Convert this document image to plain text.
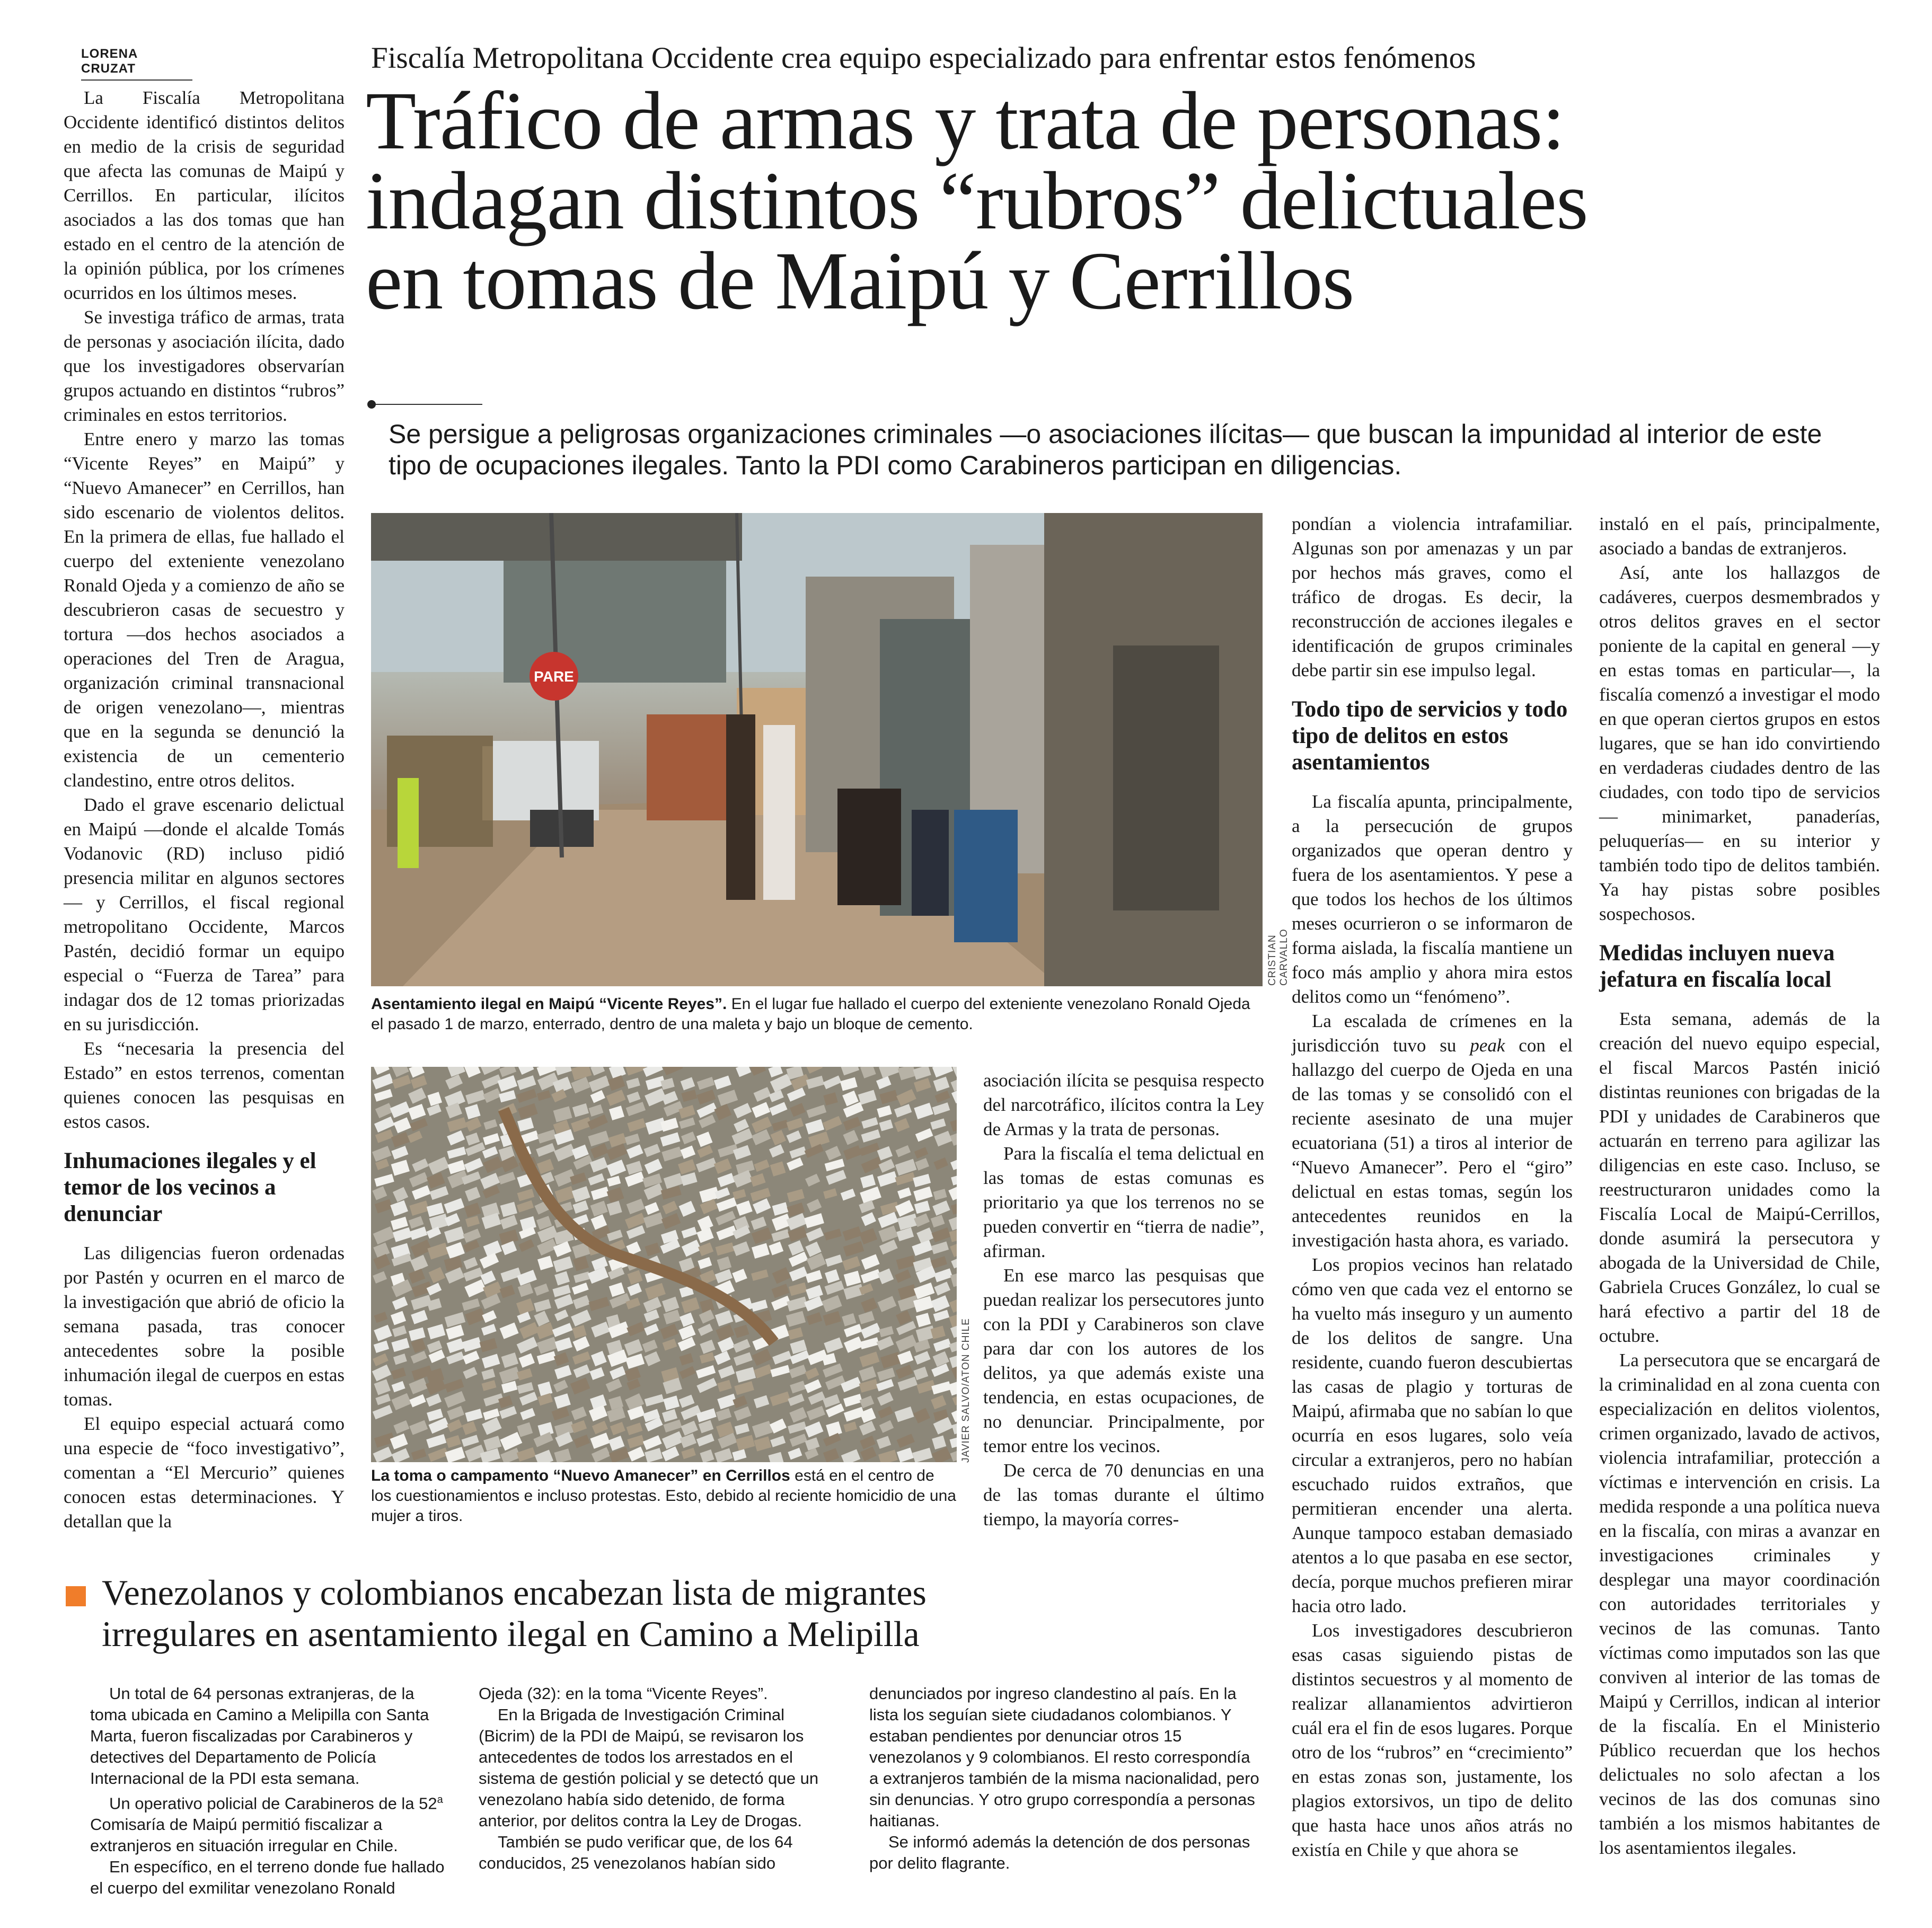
LORENA CRUZAT	Fiscalía Metropolitana Occidente crea equipo especializado para enfrentar estos fenómenos
Tráfico de armas y trata de personas:
indagan distintos “rubros” delictuales
en tomas de Maipú y Cerrillos
Se persigue a peligrosas organizaciones criminales —o asociaciones ilícitas— que buscan la impunidad al interior de este tipo de ocupaciones ilegales. Tanto la PDI como Carabineros participan en diligencias.

La Fiscalía Metropolitana Occidente identificó distintos delitos en medio de la crisis de seguridad que afecta las comunas de Maipú y Cerrillos. En particular, ilícitos asociados a las dos tomas que han estado en el centro de la atención de la opinión pública, por los crímenes ocurridos en los últimos meses.

Se investiga tráfico de armas, trata de personas y asociación ilícita, dado que los investigadores observarían grupos actuando en distintos “rubros” criminales en estos territorios.

Entre enero y marzo las tomas “Vicente Reyes” en Maipú” y “Nuevo Amanecer” en Cerrillos, han sido escenario de violentos delitos. En la primera de ellas, fue hallado el cuerpo del exteniente venezolano Ronald Ojeda y a comienzo de año se descubrieron casas de secuestro y tortura —dos hechos asociados a operaciones del Tren de Aragua, organización criminal transnacional de origen venezolano—, mientras que en la segunda se denunció la existencia de un cementerio clandestino, entre otros delitos.

Dado el grave escenario delictual en Maipú —donde el alcalde Tomás Vodanovic (RD) incluso pidió presencia militar en algunos sectores— y Cerrillos, el fiscal regional metropolitano Occidente, Marcos Pastén, decidió formar un equipo especial o “Fuerza de Tarea” para indagar dos de 12 tomas priorizadas en su jurisdicción.

Es “necesaria la presencia del Estado” en estos terrenos, comentan quienes conocen las pesquisas en estos casos.

Inhumaciones ilegales y el temor de los vecinos a denunciar

Las diligencias fueron ordenadas por Pastén y ocurren en el marco de la investigación que abrió de oficio la semana pasada, tras conocer antecedentes sobre la posible inhumación ilegal de cuerpos en estas tomas.

El equipo especial actuará como una especie de “foco investigativo”, comentan a “El Mercurio” quienes conocen estas determinaciones. Y detallan que la

PARE
CRISTIAN CARVALLO
Asentamiento ilegal en Maipú “Vicente Reyes”. En el lugar fue hallado el cuerpo del exteniente venezolano Ronald Ojeda el pasado 1 de marzo, enterrado, dentro de una maleta y bajo un bloque de cemento.
JAVIER SALVO/ATON CHILE
La toma o campamento “Nuevo Amanecer” en Cerrillos está en el centro de los cuestionamientos e incluso protestas. Esto, debido al reciente homicidio de una mujer a tiros.

asociación ilícita se pesquisa respecto del narcotráfico, ilícitos contra la Ley de Armas y la trata de personas.

Para la fiscalía el tema delictual en las tomas de estas comunas es prioritario ya que los terrenos no se pueden convertir en “tierra de nadie”, afirman.

En ese marco las pesquisas que puedan realizar los persecutores junto con la PDI y Carabineros son clave para dar con los autores de los delitos, ya que además existe una tendencia, en estas ocupaciones, de no denunciar. Principalmente, por temor entre los vecinos.

De cerca de 70 denuncias en una de las tomas durante el último tiempo, la mayoría corres-

pondían a violencia intrafamiliar. Algunas son por amenazas y un par por hechos más graves, como el tráfico de drogas. Es decir, la reconstrucción de acciones ilegales e identificación de grupos criminales debe partir sin ese impulso legal.

Todo tipo de servicios y todo tipo de delitos en estos asentamientos

La fiscalía apunta, principalmente, a la persecución de grupos organizados que operan dentro y fuera de los asentamientos. Y pese a que todos los hechos de los últimos meses ocurrieron o se informaron de forma aislada, la fiscalía mantiene un foco más amplio y ahora mira estos delitos como un “fenómeno”.

La escalada de crímenes en la jurisdicción tuvo su peak con el hallazgo del cuerpo de Ojeda en una de las tomas y se consolidó con el reciente asesinato de una mujer ecuatoriana (51) a tiros al interior de “Nuevo Amanecer”. Pero el “giro” delictual en estas tomas, según los antecedentes reunidos en la investigación hasta ahora, es variado.

Los propios vecinos han relatado cómo ven que cada vez el entorno se ha vuelto más inseguro y un aumento de los delitos de sangre. Una residente, cuando fueron descubiertas las casas de plagio y torturas de Maipú, afirmaba que no sabían lo que ocurría en esos lugares, solo veía circular a extranjeros, pero no habían escuchado ruidos extraños, que permitieran encender una alerta. Aunque tampoco estaban demasiado atentos a lo que pasaba en ese sector, decía, porque muchos prefieren mirar hacia otro lado.

Los investigadores descubrieron esas casas siguiendo pistas de distintos secuestros y al momento de realizar allanamientos advirtieron cuál era el fin de esos lugares. Porque otro de los “rubros” en “crecimiento” en estas zonas son, justamente, los plagios extorsivos, un tipo de delito que hasta hace unos años atrás no existía en Chile y que ahora se

instaló en el país, principalmente, asociado a bandas de extranjeros.

Así, ante los hallazgos de cadáveres, cuerpos desmembrados y otros delitos graves en el sector poniente de la capital en general —y en estas tomas en particular—, la fiscalía comenzó a investigar el modo en que operan ciertos grupos en estos lugares, que se han ido convirtiendo en verdaderas ciudades dentro de las ciudades, con todo tipo de servicios — minimarket, panaderías, peluquerías— en su interior y también todo tipo de delitos también. Ya hay pistas sobre posibles sospechosos.

Medidas incluyen nueva jefatura en fiscalía local

Esta semana, además de la creación del nuevo equipo especial, el fiscal Marcos Pastén inició distintas reuniones con brigadas de la PDI y unidades de Carabineros que actuarán en terreno para agilizar las diligencias en este caso. Incluso, se reestructuraron unidades como la Fiscalía Local de Maipú-Cerrillos, donde asumirá la persecutora y abogada de la Universidad de Chile, Gabriela Cruces González, lo cual se hará efectivo a partir del 18 de octubre.

La persecutora que se encargará de la criminalidad en al zona cuenta con especialización en delitos violentos, crimen organizado, lavado de activos, violencia intrafamiliar, protección a víctimas e intervención en crisis. La medida responde a una política nueva en la fiscalía, con miras a avanzar en investigaciones criminales y desplegar una mayor coordinación con autoridades territoriales y vecinos de las comunas. Tanto víctimas como imputados son las que conviven al interior de las tomas de Maipú y Cerrillos, indican al interior de la fiscalía. En el Ministerio Público recuerdan que los hechos delictuales no solo afectan a los vecinos de las dos comunas sino también a los mismos habitantes de los asentamientos ilegales.

Venezolanos y colombianos encabezan lista de migrantes
irregulares en asentamiento ilegal en Camino a Melipilla

Un total de 64 personas extranjeras, de la toma ubicada en Camino a Melipilla con Santa Marta, fueron fiscalizadas por Carabineros y detectives del Departamento de Policía Internacional de la PDI esta semana.

Un operativo policial de Carabineros de la 52$^a$ Comisaría de Maipú permitió fiscalizar a extranjeros en situación irregular en Chile.

En específico, en el terreno donde fue hallado el cuerpo del exmilitar venezolano Ronald

Ojeda (32): en la toma “Vicente Reyes”.

En la Brigada de Investigación Criminal (Bicrim) de la PDI de Maipú, se revisaron los antecedentes de todos los arrestados en el sistema de gestión policial y se detectó que un venezolano había sido detenido, de forma anterior, por delitos contra la Ley de Drogas.

También se pudo verificar que, de los 64 conducidos, 25 venezolanos habían sido

denunciados por ingreso clandestino al país. En la lista los seguían siete ciudadanos colombianos. Y estaban pendientes por denunciar otros 15 venezolanos y 9 colombianos. El resto correspondía a extranjeros también de la misma nacionalidad, pero sin denuncias. Y otro grupo correspondía a personas haitianas.

Se informó además la detención de dos personas por delito flagrante.
